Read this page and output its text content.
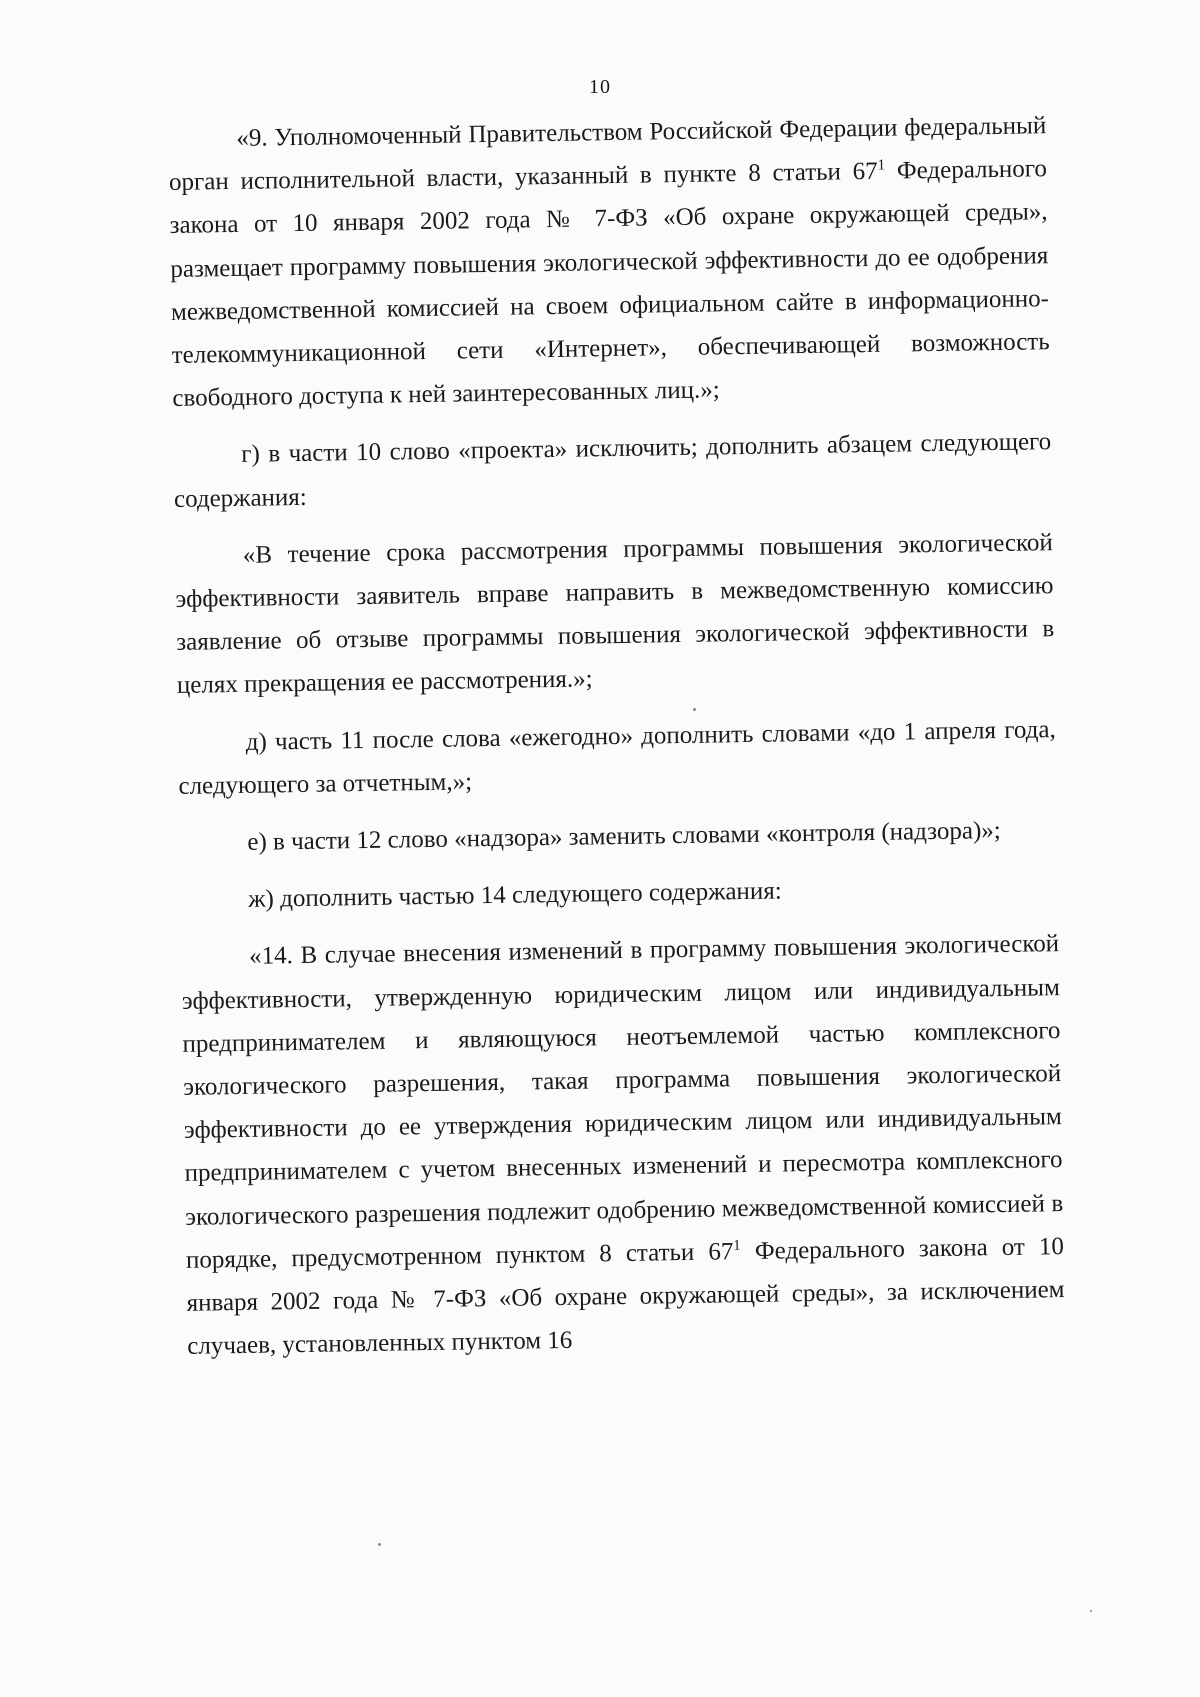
10

«9. Уполномоченный Правительством Российской Федерации федеральный орган исполнительной власти, указанный в пункте 8 статьи $67^1$ Федерального закона от 10 января 2002 года № 7-ФЗ «Об охране окружающей среды», размещает программу повышения экологической эффективности до ее одобрения межведомственной комиссией на своем официальном сайте в информационно-телекоммуникационной сети «Интернет», обеспечивающей возможность свободного доступа к ней заинтересованных лиц.»;

г) в части 10 слово «проекта» исключить; дополнить абзацем следующего содержания:

«В течение срока рассмотрения программы повышения экологической эффективности заявитель вправе направить в межведомственную комиссию заявление об отзыве программы повышения экологической эффективности в целях прекращения ее рассмотрения.»;

д) часть 11 после слова «ежегодно» дополнить словами «до 1 апреля года, следующего за отчетным,»;

е) в части 12 слово «надзора» заменить словами «контроля (надзора)»;

ж) дополнить частью 14 следующего содержания:

«14. В случае внесения изменений в программу повышения экологической эффективности, утвержденную юридическим лицом или индивидуальным предпринимателем и являющуюся неотъемлемой частью комплексного экологического разрешения, такая программа повышения экологической эффективности до ее утверждения юридическим лицом или индивидуальным предпринимателем с учетом внесенных изменений и пересмотра комплексного экологического разрешения подлежит одобрению межведомственной комиссией в порядке, предусмотренном пунктом 8 статьи $67^1$ Федерального закона от 10 января 2002 года № 7-ФЗ «Об охране окружающей среды», за исключением случаев, установленных пунктом 16
